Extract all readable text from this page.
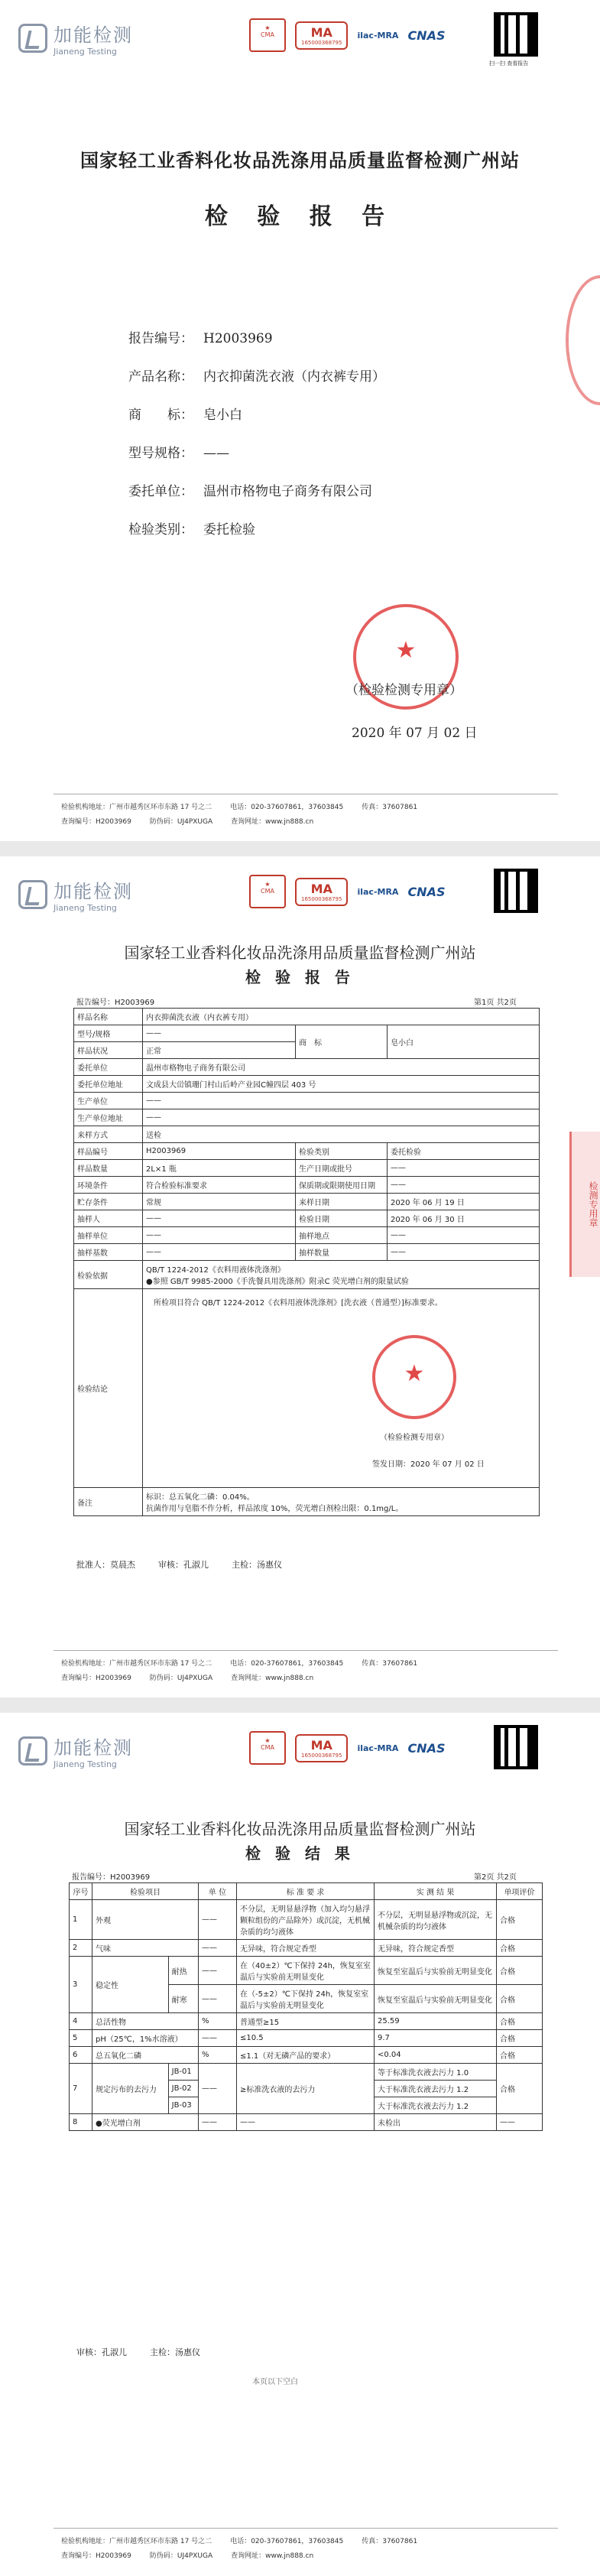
加能检测
Jianeng Testing
★
CMA	MA
165000368795
ilac-MRA CNAS
扫一扫 查看报告
国家轻工业香料化妆品洗涤用品质量监督检测广州站
检 验 报 告
报告编号： H2003969
产品名称： 内衣抑菌洗衣液（内衣裤专用）
商　　标： 皂小白
型号规格： ——
委托单位： 温州市格物电子商务有限公司
检验类别： 委托检验
★
（检验检测专用章）
2020 年 07 月 02 日
检验机构地址：广州市越秀区环市东路 17 号之二	电话：020-37607861，37603845	传真：37607861
查询编号：H2003969	防伪码：UJ4PXUGA	查询网址：www.jn888.cn
加能检测
Jianeng Testing
★
CMA	MA
165000368795
ilac-MRA CNAS
国家轻工业香料化妆品洗涤用品质量监督检测广州站
检 验 报 告
报告编号：H2003969	第1页 共2页
样品名称	内衣抑菌洗衣液（内衣裤专用）		
型号/规格	——	商　标	皂小白
样品状况	正常		
委托单位	温州市格物电子商务有限公司		
委托单位地址	文成县大峃镇珊门村山后岭产业园C幢四层 403 号		
生产单位	——		
生产单位地址	——		
来样方式	送检		
样品编号	H2003969	检验类别	委托检验
样品数量	2L×1 瓶	生产日期或批号	——
环境条件	符合检验标准要求	保质期或限期使用日期	——
贮存条件	常规	来样日期	2020 年 06 月 19 日
抽样人	——	检验日期	2020 年 06 月 30 日
抽样单位	——	抽样地点	——
抽样基数	——	抽样数量	——
检验依据	QB/T 1224-2012《衣料用液体洗涤剂》
●参照 GB/T 9985-2000《手洗餐具用洗涤剂》附录C 荧光增白剂的限量试验		

检验结论	所检项目符合 QB/T 1224-2012《衣料用液体洗涤剂》[洗衣液（普通型）]标准要求。
★
（检验检测专用章）
签发日期：2020 年 07 月 02 日		

备注	标识：总五氧化二磷：0.04%。
抗菌作用与皂脂不作分析，样品浓度 10%，荧光增白剂检出限：0.1mg/L。		
检测专用章
批准人：莫晨杰	审核：孔淑儿	主检：汤惠仪
检验机构地址：广州市越秀区环市东路 17 号之二	电话：020-37607861，37603845	传真：37607861
查询编号：H2003969	防伪码：UJ4PXUGA	查询网址：www.jn888.cn
加能检测
Jianeng Testing
★
CMA	MA
165000368795
ilac-MRA CNAS
国家轻工业香料化妆品洗涤用品质量监督检测广州站
检 验 结 果
报告编号：H2003969	第2页 共2页
序号	检验项目		单 位	标 准 要 求	实 测 结 果	单项评价
1	外观		——	不分层，无明显悬浮物（加入均匀悬浮颗粒组份的产品除外）或沉淀，无机械杂质的均匀液体	不分层，无明显悬浮物或沉淀，无机械杂质的均匀液体	合格
2	气味		——	无异味，符合规定香型	无异味，符合规定香型	合格
3	稳定性	耐热	——	在（40±2）℃下保持 24h，恢复室室温后与实验前无明显变化	恢复至室温后与实验前无明显变化	合格
		耐寒	——	在（-5±2）℃下保持 24h，恢复室室温后与实验前无明显变化	恢复至室温后与实验前无明显变化	合格
4	总活性物		%	普通型≥15	25.59	合格
5	pH（25℃，1%水溶液）		——	≤10.5	9.7	合格
6	总五氧化二磷		%	≤1.1（对无磷产品的要求）	<0.04	合格
7	规定污布的去污力	JB-01	——	≥标准洗衣液的去污力	等于标准洗衣液去污力 1.0	合格
		JB-02			大于标准洗衣液去污力 1.2	
		JB-03			大于标准洗衣液去污力 1.2	
8	●荧光增白剂		——	——	未检出	——
审核：孔淑儿	主检：汤惠仪
本页以下空白
检验机构地址：广州市越秀区环市东路 17 号之二	电话：020-37607861，37603845	传真：37607861
查询编号：H2003969	防伪码：UJ4PXUGA	查询网址：www.jn888.cn
